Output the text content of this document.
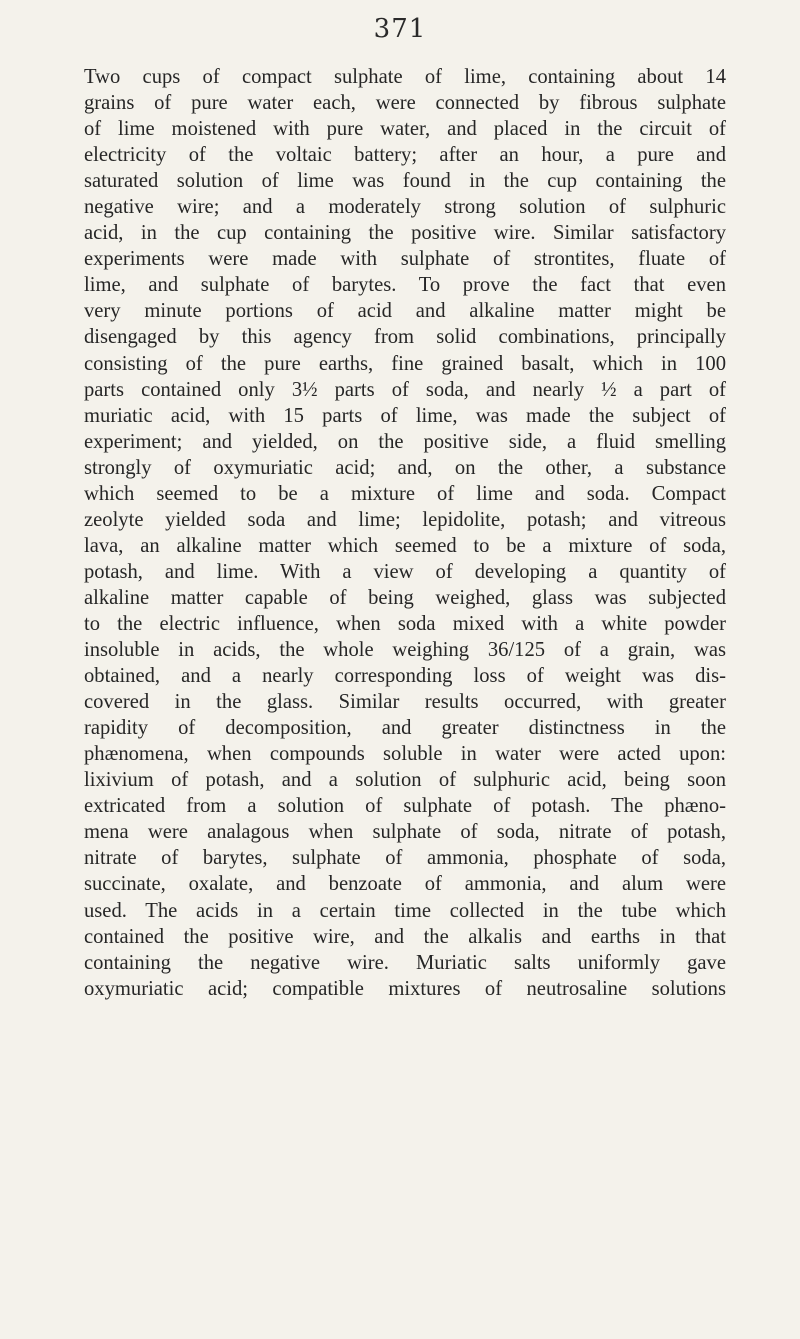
371
Two cups of compact sulphate of lime, containing about 14
grains of pure water each, were connected by fibrous sulphate
of lime moistened with pure water, and placed in the circuit of
electricity of the voltaic battery; after an hour, a pure and
saturated solution of lime was found in the cup containing the
negative wire; and a moderately strong solution of sulphuric
acid, in the cup containing the positive wire. Similar satisfactory
experiments were made with sulphate of strontites, fluate of
lime, and sulphate of barytes. To prove the fact that even
very minute portions of acid and alkaline matter might be
disengaged by this agency from solid combinations, principally
consisting of the pure earths, fine grained basalt, which in 100
parts contained only 3½ parts of soda, and nearly ½ a part of
muriatic acid, with 15 parts of lime, was made the subject of
experiment; and yielded, on the positive side, a fluid smelling
strongly of oxymuriatic acid; and, on the other, a substance
which seemed to be a mixture of lime and soda. Compact
zeolyte yielded soda and lime; lepidolite, potash; and vitreous
lava, an alkaline matter which seemed to be a mixture of soda,
potash, and lime. With a view of developing a quantity of
alkaline matter capable of being weighed, glass was subjected
to the electric influence, when soda mixed with a white powder
insoluble in acids, the whole weighing 36/125 of a grain, was
obtained, and a nearly corresponding loss of weight was dis-
covered in the glass. Similar results occurred, with greater
rapidity of decomposition, and greater distinctness in the
phænomena, when compounds soluble in water were acted upon:
lixivium of potash, and a solution of sulphuric acid, being soon
extricated from a solution of sulphate of potash. The phæno-
mena were analagous when sulphate of soda, nitrate of potash,
nitrate of barytes, sulphate of ammonia, phosphate of soda,
succinate, oxalate, and benzoate of ammonia, and alum were
used. The acids in a certain time collected in the tube which
contained the positive wire, and the alkalis and earths in that
containing the negative wire. Muriatic salts uniformly gave
oxymuriatic acid; compatible mixtures of neutrosaline solutions
